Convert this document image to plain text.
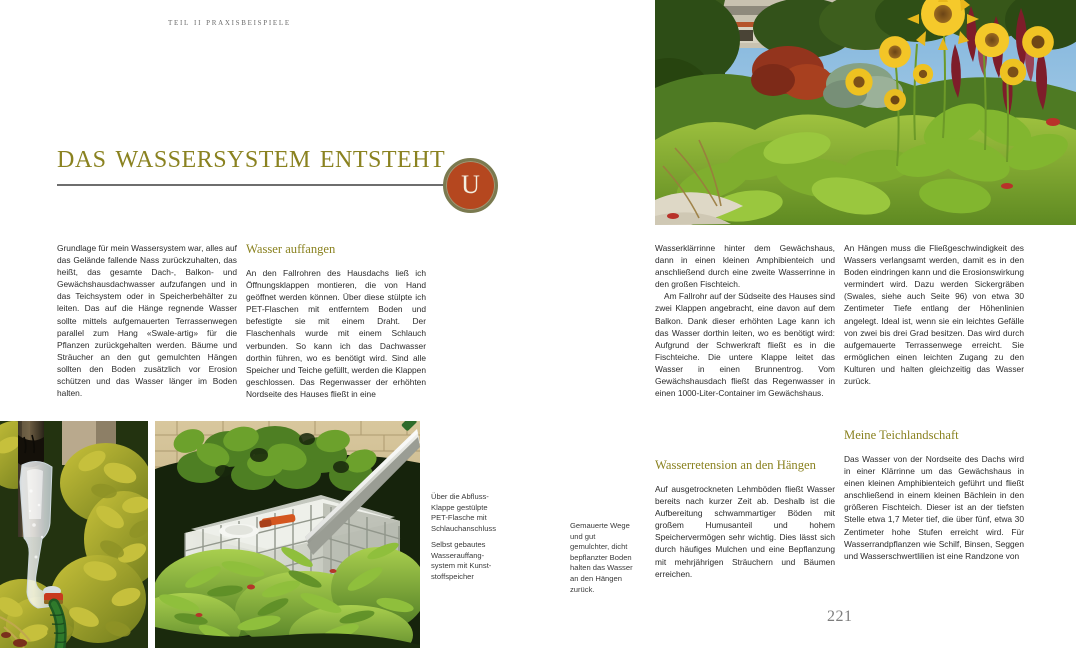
teil ii praxisbeispiele
das wassersystem entsteht
U

Grundlage für mein Wassersystem war, alles auf das Gelände fallende Nass zurückzuhalten, das heißt, das gesamte Dach-, Balkon- und Gewächshausdachwasser aufzufangen und in das Teichsystem oder in Speicherbehälter zu leiten. Das auf die Hänge regnende Wasser sollte mittels aufgemauerten Terrassenwegen parallel zum Hang «Swale-artig» für die Pflanzen zurückgehalten werden. Bäume und Sträucher an den gut gemulchten Hängen sollten den Boden zusätzlich vor Erosion schützen und das Wasser länger im Boden halten.

Wasser auffangen

An den Fallrohren des Hausdachs ließ ich Öffnungsklappen montieren, die von Hand geöffnet werden können. Über diese stülpte ich PET-Flaschen mit entferntem Boden und befestigte sie mit einem Draht. Der Flaschenhals wurde mit einem Schlauch verbunden. So kann ich das Dachwasser dorthin führen, wo es benötigt wird. Sind alle Speicher und Teiche gefüllt, werden die Klappen geschlossen. Das Regenwasser der erhöhten Nordseite des Hauses fließt in eine

Wasserklärrinne hinter dem Gewächshaus, dann in einen kleinen Amphibienteich und anschließend durch eine zweite Wasserrinne in den großen Fischteich.

Am Fallrohr auf der Südseite des Hauses sind zwei Klappen angebracht, eine davon auf dem Balkon. Dank dieser erhöhten Lage kann ich das Wasser dorthin leiten, wo es benötigt wird: Aufgrund der Schwerkraft fließt es in die Fischteiche. Die untere Klappe leitet das Wasser in einen Brunnentrog. Vom Gewächshausdach fließt das Regenwasser in einen 1000-Liter-Container im Gewächshaus.

An Hängen muss die Fließgeschwindigkeit des Wassers verlangsamt werden, damit es in den Boden eindringen kann und die Erosionswirkung vermindert wird. Dazu werden Sickergräben (Swales, siehe auch Seite 96) von etwa 30 Zentimeter Tiefe entlang der Höhenlinien angelegt. Ideal ist, wenn sie ein leichtes Gefälle von zwei bis drei Grad besitzen. Das wird durch aufgemauerte Terrassenwege erreicht. Sie ermöglichen einen leichten Zugang zu den Kulturen und halten gleichzeitig das Wasser zurück.

Wasserretension an den Hängen

Auf ausgetrockneten Lehmböden fließt Wasser bereits nach kurzer Zeit ab. Deshalb ist die Aufbereitung schwammartiger Böden mit großem Humusanteil und hohem Speichervermögen sehr wichtig. Dies lässt sich durch häufiges Mulchen und eine Bepflanzung mit mehrjährigen Sträuchern und Bäumen erreichen.

Meine Teichlandschaft

Das Wasser von der Nordseite des Dachs wird in einer Klärrinne um das Gewächshaus in einen kleinen Amphibienteich geführt und fließt anschließend in einem kleinen Bächlein in den größeren Fischteich. Dieser ist an der tiefsten Stelle etwa 1,7 Meter tief, die über fünf, etwa 30 Zentimeter hohe Stufen erreicht wird. Für Wasserrandpflanzen wie Schilf, Binsen, Seggen und Wasserschwertlilien ist eine Randzone von

Über die Abfluss-Klappe gestülpte PET-Flasche mit Schlauchanschluss
Selbst gebautes Wasserauffang-system mit Kunst-stoffspeicher
Gemauerte Wege und gut gemulchter, dicht bepflanzter Boden halten das Wasser an den Hängen zurück.
221
